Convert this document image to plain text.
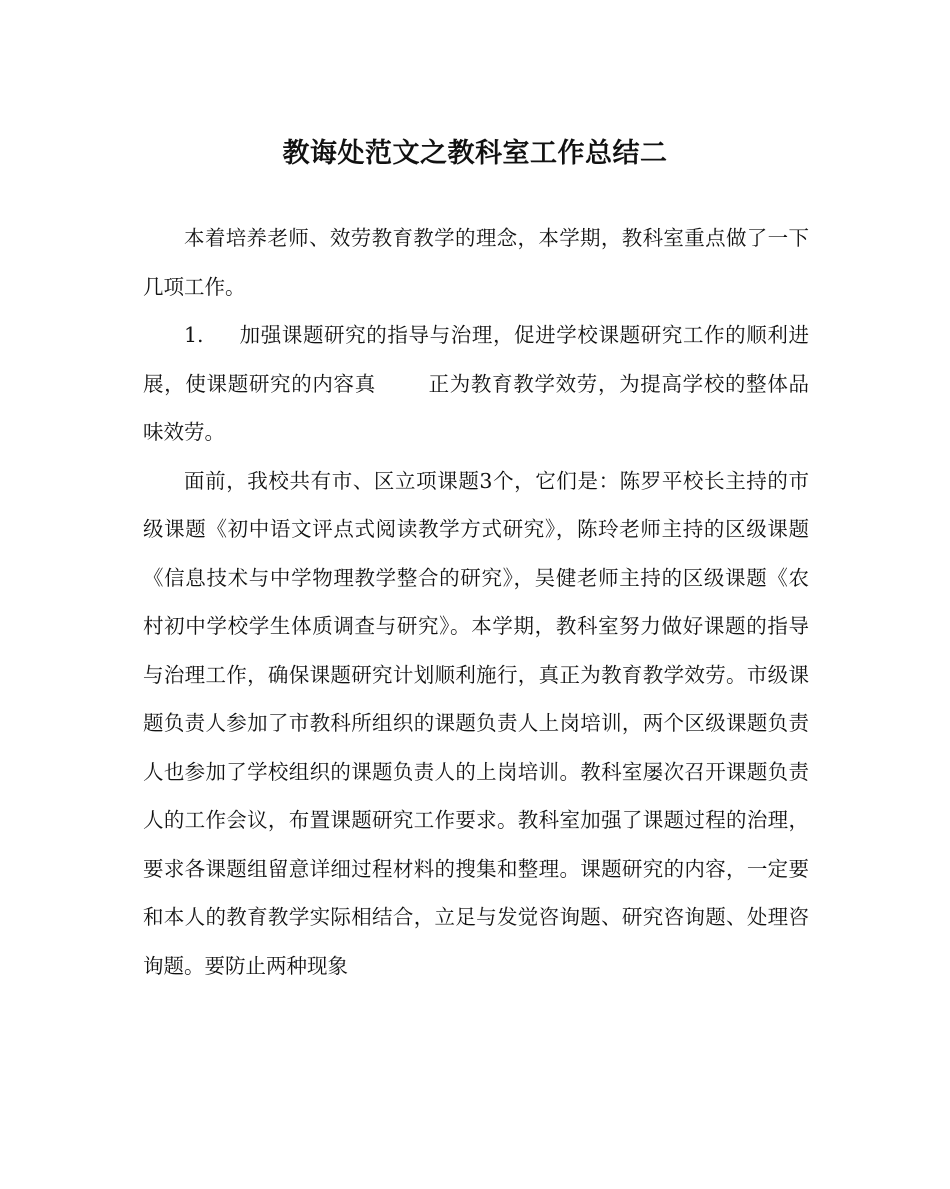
教诲处范文之教科室工作总结二

本着培养老师、效劳教育教学的理念，本学期，教科室重点做了一下几项工作。

1. 加强课题研究的指导与治理，促进学校课题研究工作的顺利进展，使课题研究的内容真	正为教育教学效劳，为提高学校的整体品味效劳。

面前，我校共有市、区立项课题3个，它们是：陈罗平校长主持的市级课题《初中语文评点式阅读教学方式研究》，陈玲老师主持的区级课题《信息技术与中学物理教学整合的研究》，吴健老师主持的区级课题《农村初中学校学生体质调查与研究》。本学期，教科室努力做好课题的指导与治理工作，确保课题研究计划顺利施行，真正为教育教学效劳。市级课题负责人参加了市教科所组织的课题负责人上岗培训，两个区级课题负责人也参加了学校组织的课题负责人的上岗培训。教科室屡次召开课题负责人的工作会议，布置课题研究工作要求。教科室加强了课题过程的治理，要求各课题组留意详细过程材料的搜集和整理。课题研究的内容，一定要和本人的教育教学实际相结合，立足与发觉咨询题、研究咨询题、处理咨询题。要防止两种现象
